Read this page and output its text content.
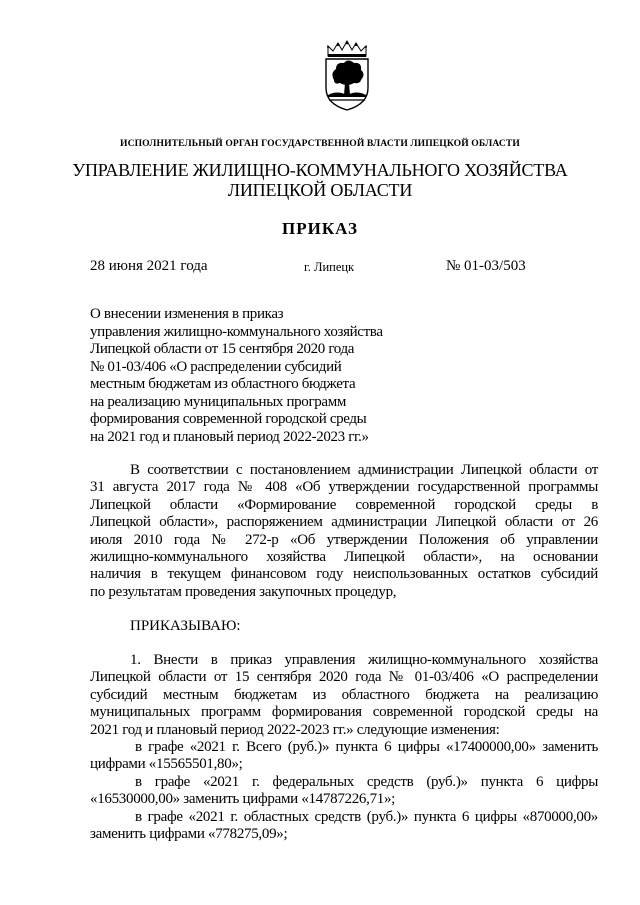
ИСПОЛНИТЕЛЬНЫЙ ОРГАН ГОСУДАРСТВЕННОЙ ВЛАСТИ ЛИПЕЦКОЙ ОБЛАСТИ
УПРАВЛЕНИЕ ЖИЛИЩНО-КОММУНАЛЬНОГО ХОЗЯЙСТВА
ЛИПЕЦКОЙ ОБЛАСТИ
ПРИКАЗ
28 июня 2021 года	г. Липецк	№ 01-03/503
О внесении изменения в приказ
управления жилищно-коммунального хозяйства
Липецкой области от 15 сентября 2020 года
№ 01-03/406 «О распределении субсидий
местным бюджетам из областного бюджета
на реализацию муниципальных программ
формирования современной городской среды
на 2021 год и плановый период 2022-2023 гг.»
В соответствии с постановлением администрации Липецкой области от
31 августа 2017 года № 408 «Об утверждении государственной программы
Липецкой области «Формирование современной городской среды в
Липецкой области», распоряжением администрации Липецкой области от 26
июля 2010 года № 272-р «Об утверждении Положения об управлении
жилищно-коммунального хозяйства Липецкой области», на основании
наличия в текущем финансовом году неиспользованных остатков субсидий
по результатам проведения закупочных процедур,
ПРИКАЗЫВАЮ:
1. Внести в приказ управления жилищно-коммунального хозяйства
Липецкой области от 15 сентября 2020 года № 01-03/406 «О распределении
субсидий местным бюджетам из областного бюджета на реализацию
муниципальных программ формирования современной городской среды на
2021 год и плановый период 2022-2023 гг.» следующие изменения:
в графе «2021 г. Всего (руб.)» пункта 6 цифры «17400000,00» заменить
цифрами «15565501,80»;
в графе «2021 г. федеральных средств (руб.)» пункта 6 цифры
«16530000,00» заменить цифрами «14787226,71»;
в графе «2021 г. областных средств (руб.)» пункта 6 цифры «870000,00»
заменить цифрами «778275,09»;
